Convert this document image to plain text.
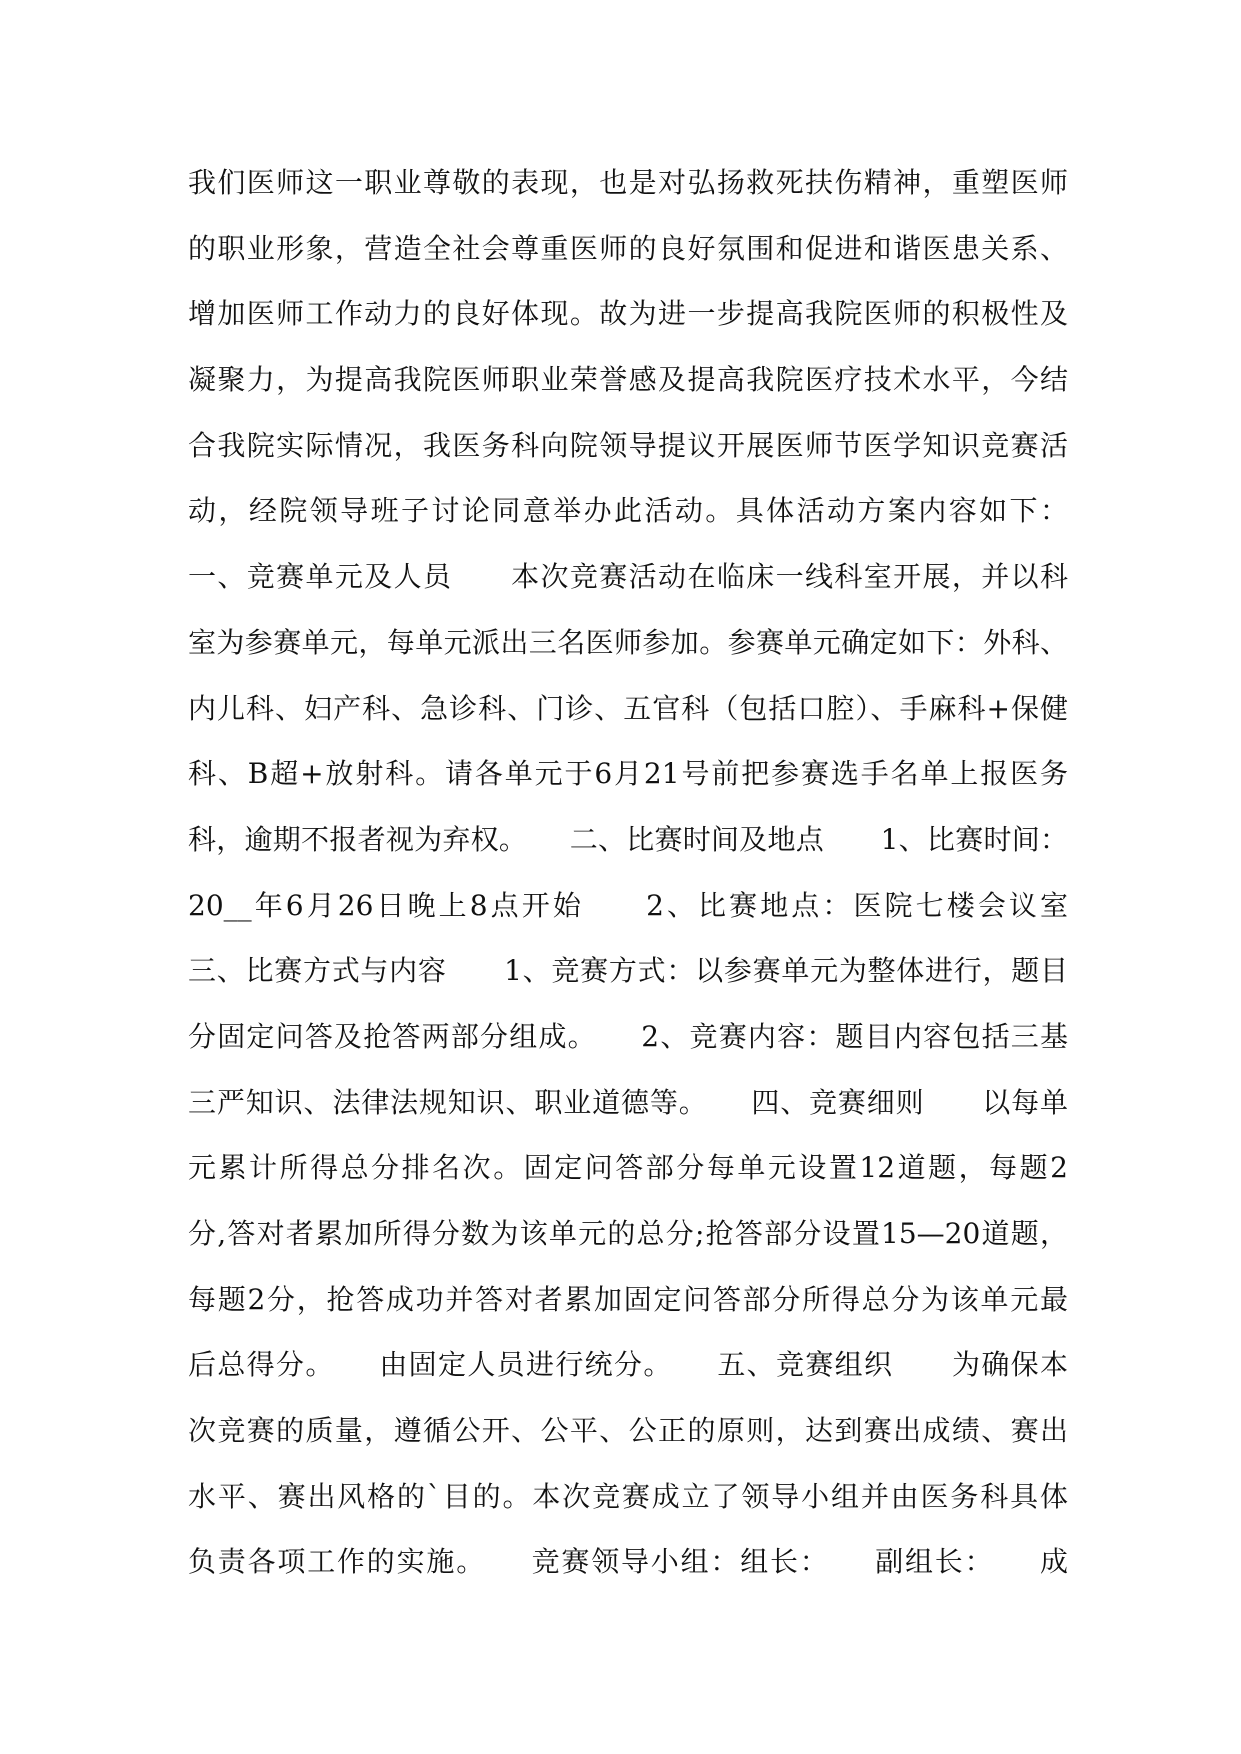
我们医师这一职业尊敬的表现，也是对弘扬救死扶伤精神，重塑医师
的职业形象，营造全社会尊重医师的良好氛围和促进和谐医患关系、
增加医师工作动力的良好体现。故为进一步提高我院医师的积极性及
凝聚力，为提高我院医师职业荣誉感及提高我院医疗技术水平，今结
合我院实际情况，我医务科向院领导提议开展医师节医学知识竞赛活
动，经院领导班子讨论同意举办此活动。具体活动方案内容如下：
一、竞赛单元及人员　　本次竞赛活动在临床一线科室开展，并以科
室为参赛单元，每单元派出三名医师参加。参赛单元确定如下：外科、
内儿科、妇产科、急诊科、门诊、五官科（包括口腔）、手麻科+保健
科、B超+放射科。请各单元于6月21号前把参赛选手名单上报医务
科，逾期不报者视为弃权。　　二、比赛时间及地点　　1、比赛时间：
20__年6月26日晚上8点开始　　2、比赛地点：医院七楼会议室
三、比赛方式与内容　　1、竞赛方式：以参赛单元为整体进行，题目
分固定问答及抢答两部分组成。　　2、竞赛内容：题目内容包括三基
三严知识、法律法规知识、职业道德等。　　四、竞赛细则　　以每单
元累计所得总分排名次。固定问答部分每单元设置12道题，每题2
分,答对者累加所得分数为该单元的总分;抢答部分设置15—20道题，
每题2分，抢答成功并答对者累加固定问答部分所得总分为该单元最
后总得分。　　由固定人员进行统分。　　五、竞赛组织　　为确保本
次竞赛的质量，遵循公开、公平、公正的原则，达到赛出成绩、赛出
水平、赛出风格的`目的。本次竞赛成立了领导小组并由医务科具体
负责各项工作的实施。　　竞赛领导小组：组长：　　副组长：　　成
